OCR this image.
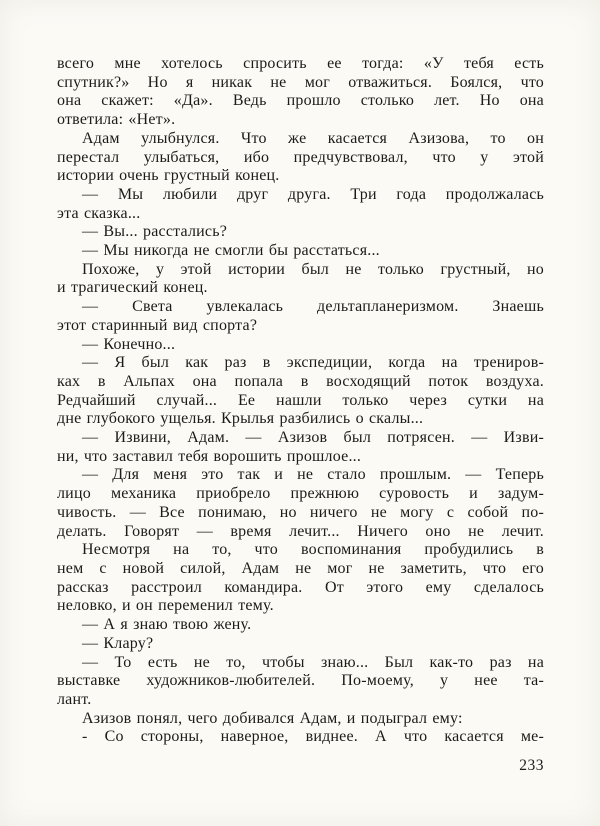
всего мне хотелось спросить ее тогда: «У тебя есть
спутник?» Но я никак не мог отважиться. Боялся, что
она скажет: «Да». Ведь прошло столько лет. Но она
ответила: «Нет».
Адам улыбнулся. Что же касается Азизова, то он
перестал улыбаться, ибо предчувствовал, что у этой
истории очень грустный конец.
— Мы любили друг друга. Три года продолжалась
эта сказка...
— Вы... расстались?
— Мы никогда не смогли бы расстаться...
Похоже, у этой истории был не только грустный, но
и трагический конец.
— Света увлекалась дельтапланеризмом. Знаешь
этот старинный вид спорта?
— Конечно...
— Я был как раз в экспедиции, когда на трениров-
ках в Альпах она попала в восходящий поток воздуха.
Редчайший случай... Ее нашли только через сутки на
дне глубокого ущелья. Крылья разбились о скалы...
— Извини, Адам. — Азизов был потрясен. — Изви-
ни, что заставил тебя ворошить прошлое...
— Для меня это так и не стало прошлым. — Теперь
лицо механика приобрело прежнюю суровость и задум-
чивость. — Все понимаю, но ничего не могу с собой по-
делать. Говорят — время лечит... Ничего оно не лечит.
Несмотря на то, что воспоминания пробудились в
нем с новой силой, Адам не мог не заметить, что его
рассказ расстроил командира. От этого ему сделалось
неловко, и он переменил тему.
— А я знаю твою жену.
— Клару?
— То есть не то, чтобы знаю... Был как-то раз на
выставке художников-любителей. По-моему, у нее та-
лант.
Азизов понял, чего добивался Адам, и подыграл ему:
- Со стороны, наверное, виднее. А что касается ме-
233
